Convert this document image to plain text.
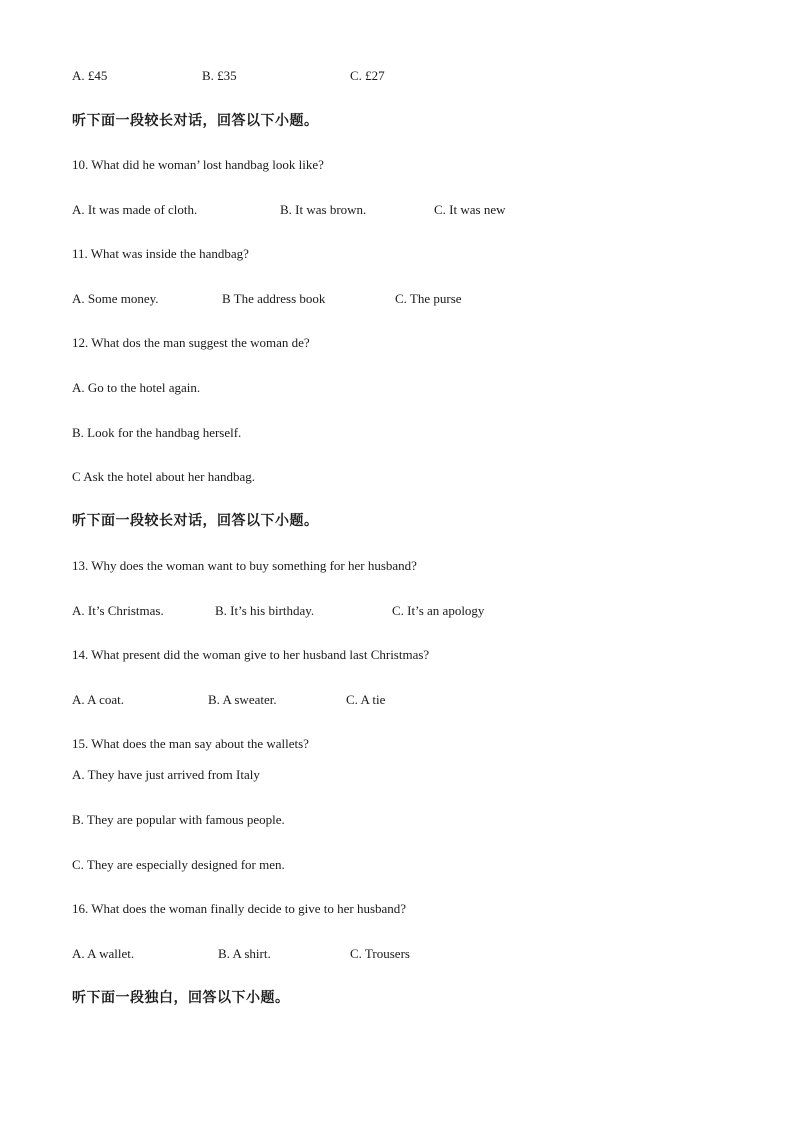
A. £45	B. £35	C. £27
听下面一段较长对话，回答以下小题。
10. What did he woman’ lost handbag look like?
A. It was made of cloth.	B. It was brown.	C. It was new
11. What was inside the handbag?
A. Some money.	B The address book	C. The purse
12. What dos the man suggest the woman de?
A. Go to the hotel again.
B. Look for the handbag herself.
C Ask the hotel about her handbag.
听下面一段较长对话，回答以下小题。
13. Why does the woman want to buy something for her husband?
A. It’s Christmas.	B. It’s his birthday.	C. It’s an apology
14. What present did the woman give to her husband last Christmas?
A. A coat.	B. A sweater.	C. A tie
15. What does the man say about the wallets?
A. They have just arrived from Italy
B. They are popular with famous people.
C. They are especially designed for men.
16. What does the woman finally decide to give to her husband?
A. A wallet.	B. A shirt.	C. Trousers
听下面一段独白，回答以下小题。
